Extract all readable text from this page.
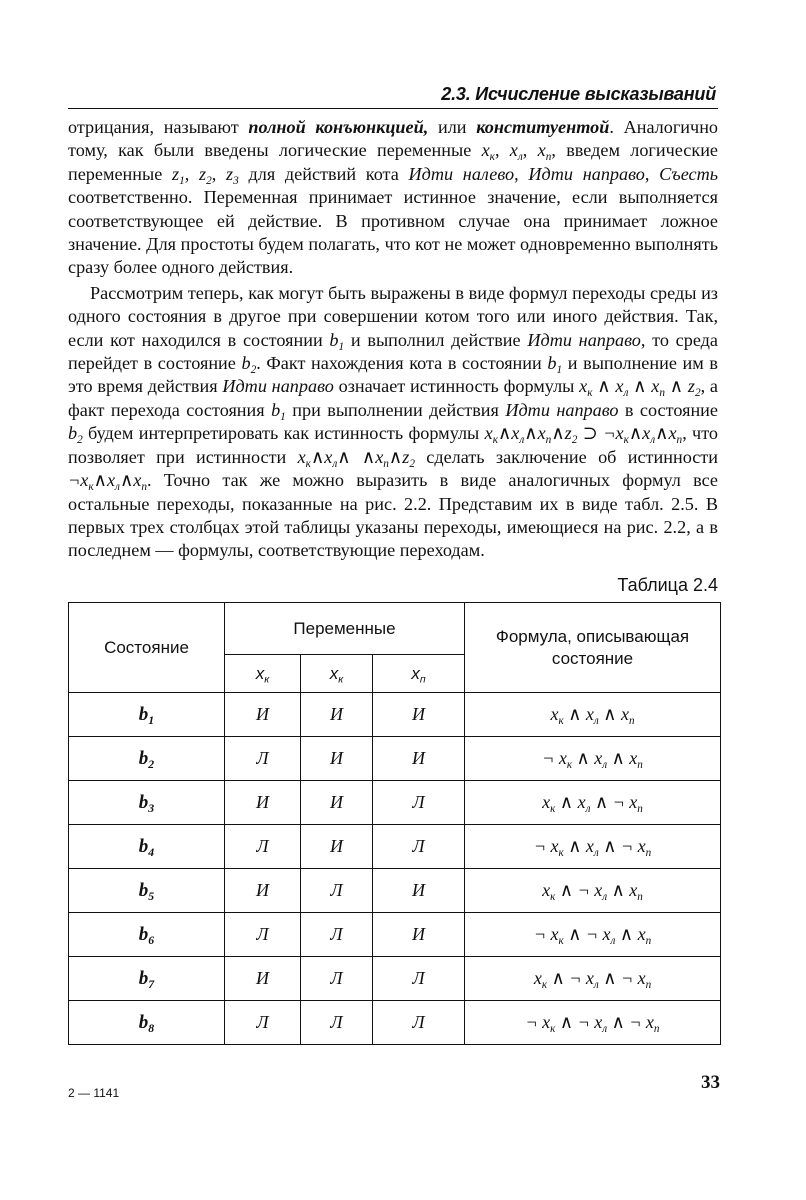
2.3. Исчисление высказываний

отрицания, называют полной конъюнкцией, или конституентой. Аналогично тому, как были введены логические переменные $x_к$, $x_л$, $x_п$, введем логические переменные $z_1$, $z_2$, $z_3$ для действий кота Идти налево, Идти направо, Съесть соответственно. Переменная принимает истинное значение, если выполняется соответствующее ей действие. В противном случае она принимает ложное значение. Для простоты будем полагать, что кот не может одновременно выполнять сразу более одного действия.

Рассмотрим теперь, как могут быть выражены в виде формул переходы среды из одного состояния в другое при совершении котом того или иного действия. Так, если кот находился в состоянии $b_1$ и выполнил действие Идти направо, то среда перейдет в состояние $b_2$. Факт нахождения кота в состоянии $b_1$ и выполнение им в это время действия Идти направо означает истинность формулы $x_к$ ∧ $x_л$ ∧ $x_п$ ∧ $z_2$, а факт перехода состояния $b_1$ при выполнении действия Идти направо в состояние $b_2$ будем интерпретировать как истинность формулы $x_к\wedge x_л\wedge x_п\wedge z_2$ ⊃ $\neg x_к\wedge x_л\wedge x_п$, что позволяет при истинности $x_к\wedge x_л\wedge$ $\wedge x_п\wedge z_2$ сделать заключение об истинности $\neg x_к\wedge x_л\wedge x_п$. Точно так же можно выразить в виде аналогичных формул все остальные переходы, показанные на рис. 2.2. Представим их в виде табл. 2.5. В первых трех столбцах этой таблицы указаны переходы, имеющиеся на рис. 2.2, а в последнем — формулы, соответствующие переходам.

Таблица 2.4
Состояние	Переменные			Формула, описывающая состояние
	$x_к$	$x_к$	$x_п$
$b_1$	И	И	И	$x_к$ ∧ $x_л$ ∧ $x_п$
$b_2$	Л	И	И	¬ $x_к$ ∧ $x_л$ ∧ $x_п$
$b_3$	И	И	Л	$x_к$ ∧ $x_л$ ∧ ¬ $x_п$
$b_4$	Л	И	Л	¬ $x_к$ ∧ $x_л$ ∧ ¬ $x_п$
$b_5$	И	Л	И	$x_к$ ∧ ¬ $x_л$ ∧ $x_п$
$b_6$	Л	Л	И	¬ $x_к$ ∧ ¬ $x_л$ ∧ $x_п$
$b_7$	И	Л	Л	$x_к$ ∧ ¬ $x_л$ ∧ ¬ $x_п$
$b_8$	Л	Л	Л	¬ $x_к$ ∧ ¬ $x_л$ ∧ ¬ $x_п$
2 — 1141	33
